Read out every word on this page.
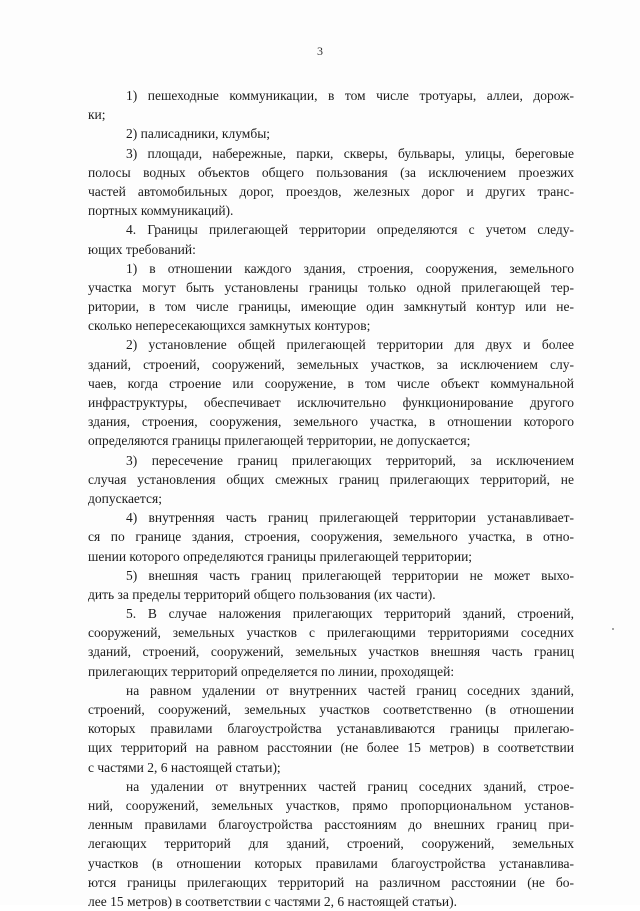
3
1) пешеходные коммуникации, в том числе тротуары, аллеи, дорож-
ки;
2) палисадники, клумбы;
3) площади, набережные, парки, скверы, бульвары, улицы, береговые
полосы водных объектов общего пользования (за исключением проезжих
частей автомобильных дорог, проездов, железных дорог и других транс-
портных коммуникаций).
4. Границы прилегающей территории определяются с учетом следу-
ющих требований:
1) в отношении каждого здания, строения, сооружения, земельного
участка могут быть установлены границы только одной прилегающей тер-
ритории, в том числе границы, имеющие один замкнутый контур или не-
сколько непересекающихся замкнутых контуров;
2) установление общей прилегающей территории для двух и более
зданий, строений, сооружений, земельных участков, за исключением слу-
чаев, когда строение или сооружение, в том числе объект коммунальной
инфраструктуры, обеспечивает исключительно функционирование другого
здания, строения, сооружения, земельного участка, в отношении которого
определяются границы прилегающей территории, не допускается;
3) пересечение границ прилегающих территорий, за исключением
случая установления общих смежных границ прилегающих территорий, не
допускается;
4) внутренняя часть границ прилегающей территории устанавливает-
ся по границе здания, строения, сооружения, земельного участка, в отно-
шении которого определяются границы прилегающей территории;
5) внешняя часть границ прилегающей территории не может выхо-
дить за пределы территорий общего пользования (их части).
5. В случае наложения прилегающих территорий зданий, строений,
сооружений, земельных участков с прилегающими территориями соседних
зданий, строений, сооружений, земельных участков внешняя часть границ
прилегающих территорий определяется по линии, проходящей:
на равном удалении от внутренних частей границ соседних зданий,
строений, сооружений, земельных участков соответственно (в отношении
которых правилами благоустройства устанавливаются границы прилегаю-
щих территорий на равном расстоянии (не более 15 метров) в соответствии
с частями 2, 6 настоящей статьи);
на удалении от внутренних частей границ соседних зданий, строе-
ний, сооружений, земельных участков, прямо пропорциональном установ-
ленным правилами благоустройства расстояниям до внешних границ при-
легающих территорий для зданий, строений, сооружений, земельных
участков (в отношении которых правилами благоустройства устанавлива-
ются границы прилегающих территорий на различном расстоянии (не бо-
лее 15 метров) в соответствии с частями 2, 6 настоящей статьи).
